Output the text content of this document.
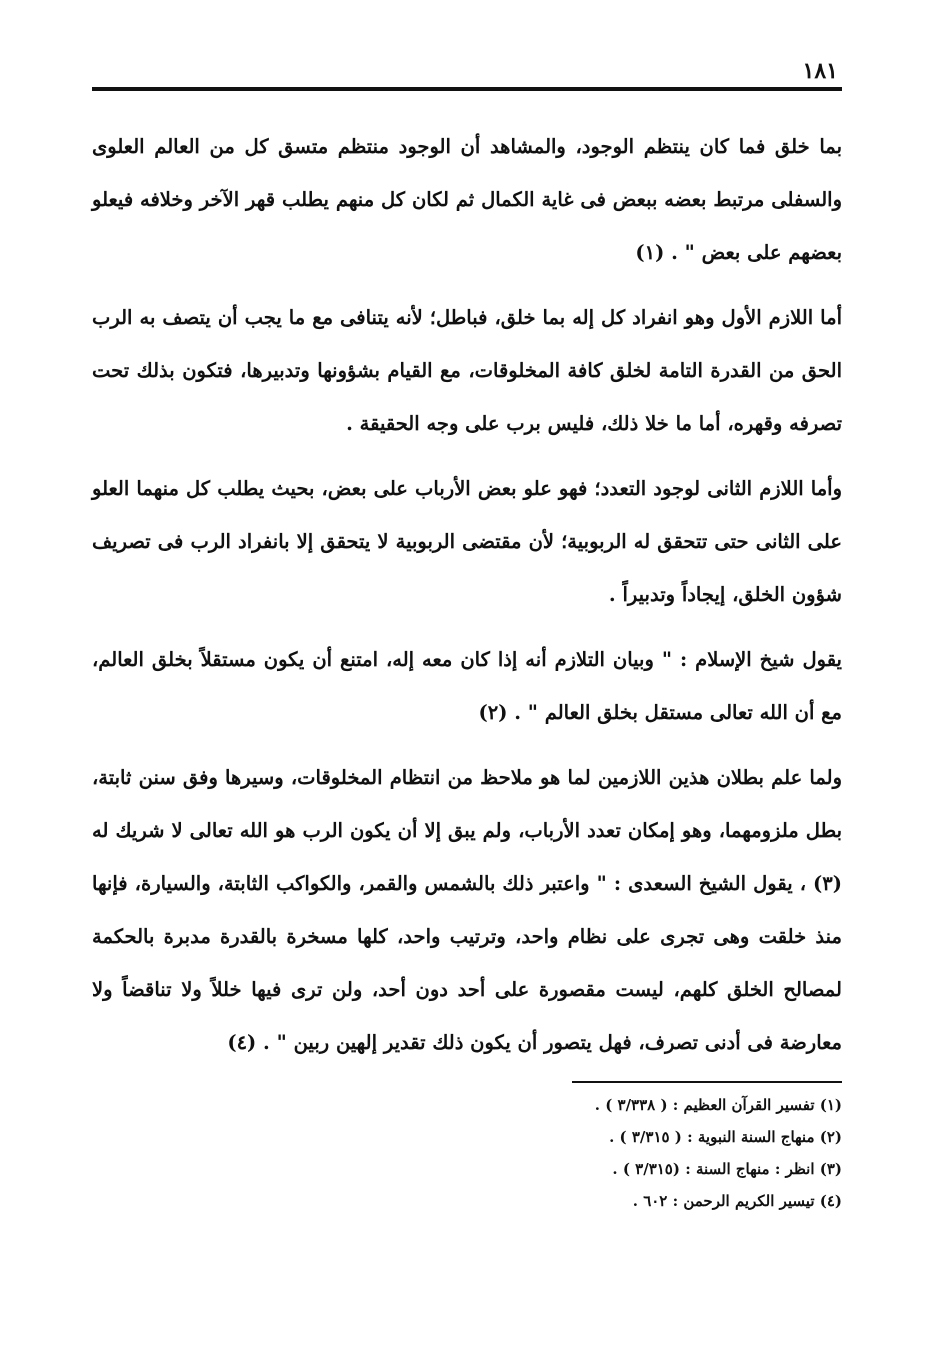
١٨١

بما خلق فما كان ينتظم الوجود، والمشاهد أن الوجود منتظم متسق كل من العالم العلوى والسفلى مرتبط بعضه ببعض فى غاية الكمال ثم لكان كل منهم يطلب قهر الآخر وخلافه فيعلو بعضهم على بعض " . (١)

أما اللازم الأول وهو انفراد كل إله بما خلق، فباطل؛ لأنه يتنافى مع ما يجب أن يتصف به الرب الحق من القدرة التامة لخلق كافة المخلوقات، مع القيام بشؤونها وتدبيرها، فتكون بذلك تحت تصرفه وقهره، أما ما خلا ذلك، فليس برب على وجه الحقيقة .

وأما اللازم الثانى لوجود التعدد؛ فهو علو بعض الأرباب على بعض، بحيث يطلب كل منهما العلو على الثانى حتى تتحقق له الربوبية؛ لأن مقتضى الربوبية لا يتحقق إلا بانفراد الرب فى تصريف شؤون الخلق، إيجاداً وتدبيراً .

يقول شيخ الإسلام : " وبيان التلازم أنه إذا كان معه إله، امتنع أن يكون مستقلاً بخلق العالم، مع أن الله تعالى مستقل بخلق العالم " . (٢)

ولما علم بطلان هذين اللازمين لما هو ملاحظ من انتظام المخلوقات، وسيرها وفق سنن ثابتة، بطل ملزومهما، وهو إمكان تعدد الأرباب، ولم يبق إلا أن يكون الرب هو الله تعالى لا شريك له (٣) ، يقول الشيخ السعدى : " واعتبر ذلك بالشمس والقمر، والكواكب الثابتة، والسيارة، فإنها منذ خلقت وهى تجرى على نظام واحد، وترتيب واحد، كلها مسخرة بالقدرة مدبرة بالحكمة لمصالح الخلق كلهم، ليست مقصورة على أحد دون أحد، ولن ترى فيها خللاً ولا تناقضاً ولا معارضة فى أدنى تصرف، فهل يتصور أن يكون ذلك تقدير إلهين ربين " . (٤)

(١) تفسير القرآن العظيم : ( ٣/٣٣٨ ) .
(٢) منهاج السنة النبوية : ( ٣/٣١٥ ) .
(٣) انظر : منهاج السنة : (٣/٣١٥ ) .
(٤) تيسير الكريم الرحمن : ٦٠٢ .
